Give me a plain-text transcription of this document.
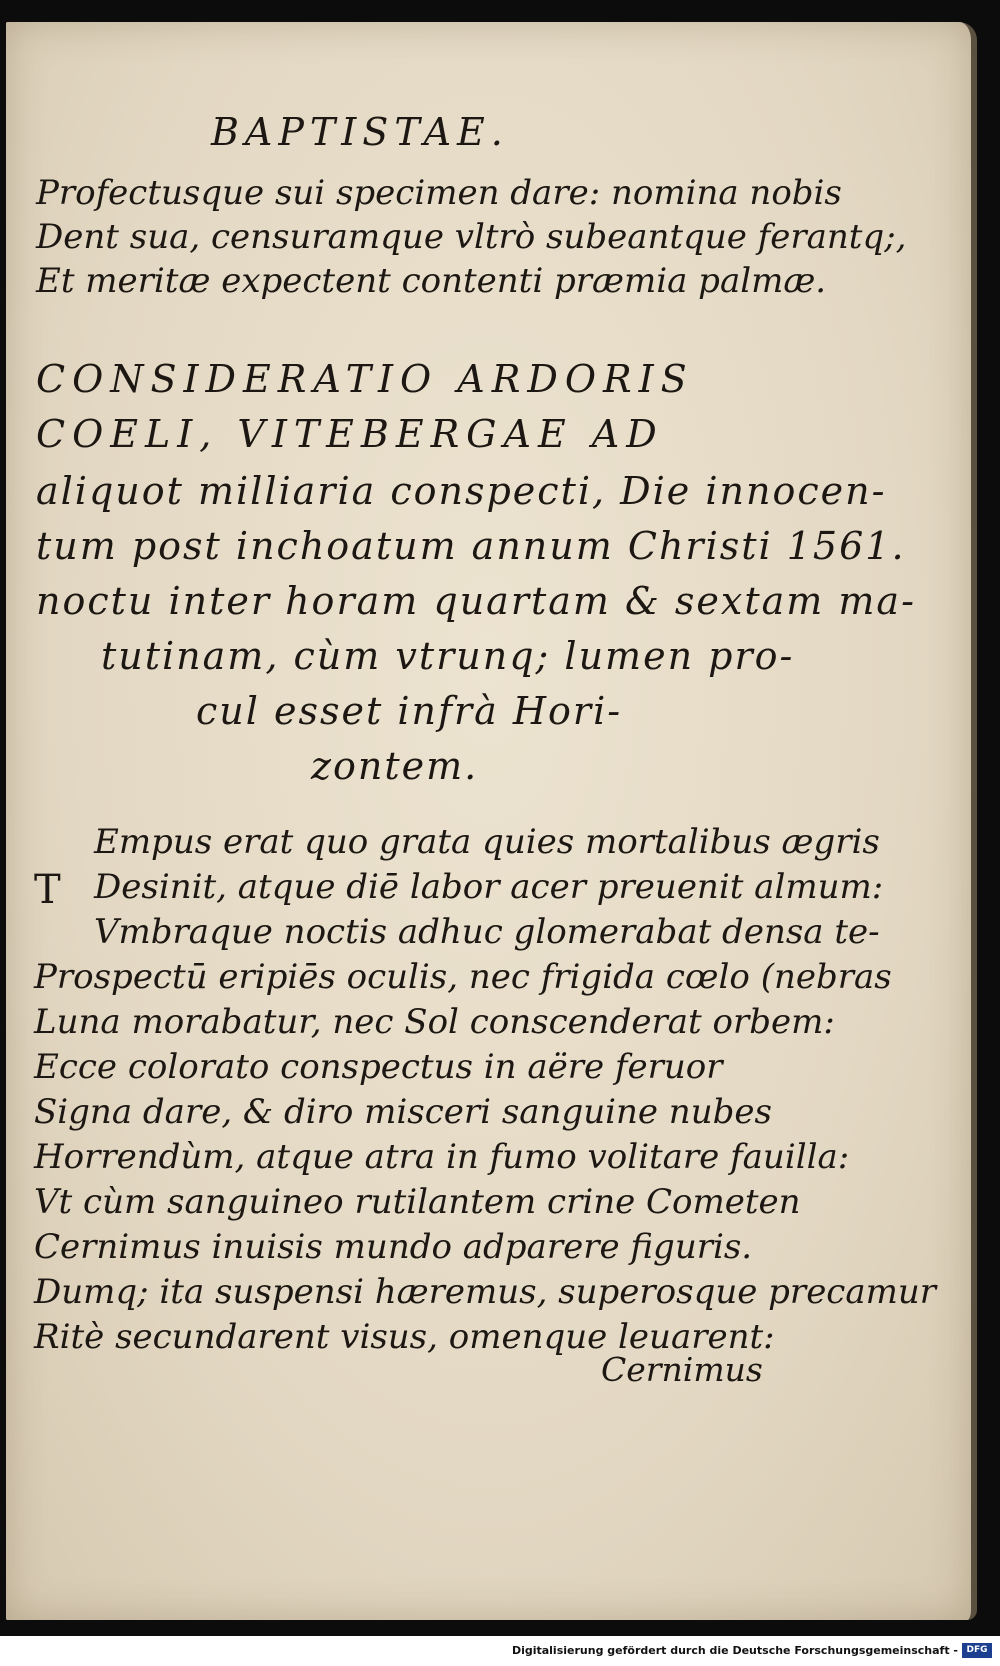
BAPTISTAE.
Profectusque sui specimen dare: nomina nobis
Dent sua, censuramque vltrò subeantque ferantq;,
Et meritæ expectent contenti præmia palmæ.
CONSIDERATIO ARDORIS
COELI, VITEBERGAE AD
aliquot milliaria conspecti, Die innocen-
tum post inchoatum annum Christi 1561.
noctu inter horam quartam & sextam ma-
tutinam, cùm vtrunq; lumen pro-
cul esset infrà Hori-
zontem.
T
Empus erat quo grata quies mortalibus ægris
Desinit, atque diē labor acer preuenit almum:
Vmbraque noctis adhuc glomerabat densa te-
Prospectū eripiēs oculis, nec frigida cœlo (nebras
Luna morabatur, nec Sol conscenderat orbem:
Ecce colorato conspectus in aëre feruor
Signa dare, & diro misceri sanguine nubes
Horrendùm, atque atra in fumo volitare fauilla:
Vt cùm sanguineo rutilantem crine Cometen
Cernimus inuisis mundo adparere figuris.
Dumq; ita suspensi hæremus, superosque precamur
Ritè secundarent visus, omenque leuarent:
Cernimus
Digitalisierung gefördert durch die Deutsche Forschungsgemeinschaft - DFG
